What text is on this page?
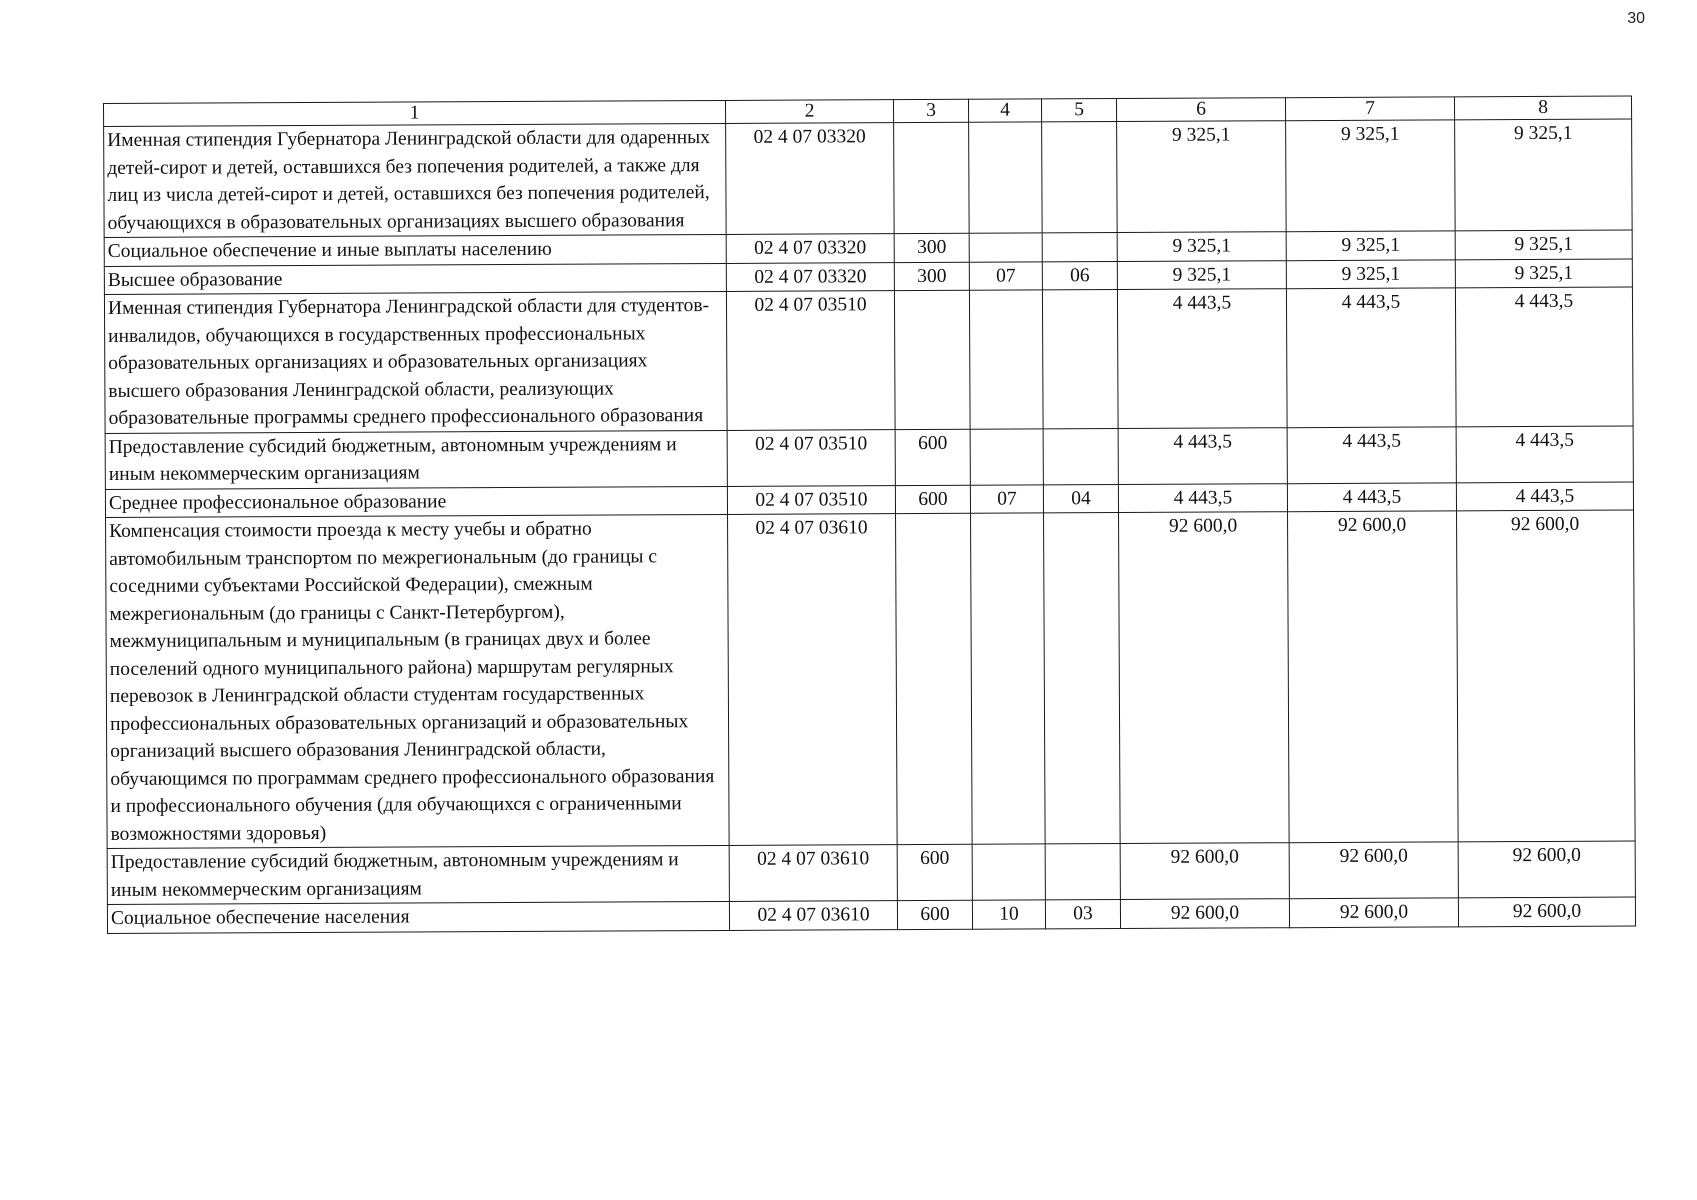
30
1	2	3	4	5	6	7	8
Именная стипендия Губернатора Ленинградской области для одаренных детей-сирот и детей, оставшихся без попечения родителей, а также для лиц из числа детей-сирот и детей, оставшихся без попечения родителей, обучающихся в образовательных организациях высшего образования	02 4 07 03320				9 325,1	9 325,1	9 325,1
Социальное обеспечение и иные выплаты населению	02 4 07 03320	300			9 325,1	9 325,1	9 325,1
Высшее образование	02 4 07 03320	300	07	06	9 325,1	9 325,1	9 325,1
Именная стипендия Губернатора Ленинградской области для студентов-инвалидов, обучающихся в государственных профессиональных образовательных организациях и образовательных организациях высшего образования Ленинградской области, реализующих образовательные программы среднего профессионального образования	02 4 07 03510				4 443,5	4 443,5	4 443,5
Предоставление субсидий бюджетным, автономным учреждениям и иным некоммерческим организациям	02 4 07 03510	600			4 443,5	4 443,5	4 443,5
Среднее профессиональное образование	02 4 07 03510	600	07	04	4 443,5	4 443,5	4 443,5
Компенсация стоимости проезда к месту учебы и обратно автомобильным транспортом по межрегиональным (до границы с соседними субъектами Российской Федерации), смежным межрегиональным (до границы с Санкт-Петербургом), межмуниципальным и муниципальным (в границах двух и более поселений одного муниципального района) маршрутам регулярных перевозок в Ленинградской области студентам государственных профессиональных образовательных организаций и образовательных организаций высшего образования Ленинградской области, обучающимся по программам среднего профессионального образования и профессионального обучения (для обучающихся с ограниченными возможностями здоровья)	02 4 07 03610				92 600,0	92 600,0	92 600,0
Предоставление субсидий бюджетным, автономным учреждениям и иным некоммерческим организациям	02 4 07 03610	600			92 600,0	92 600,0	92 600,0
Социальное обеспечение населения	02 4 07 03610	600	10	03	92 600,0	92 600,0	92 600,0
